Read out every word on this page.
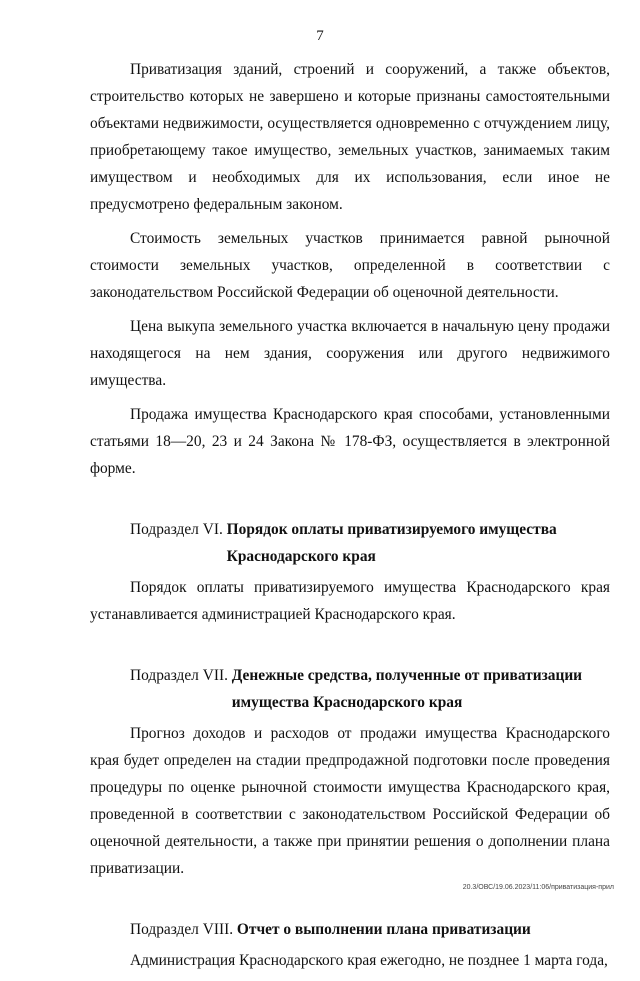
7

Приватизация зданий, строений и сооружений, а также объектов, строительство которых не завершено и которые признаны самостоятельными объектами недвижимости, осуществляется одновременно с отчуждением лицу, приобретающему такое имущество, земельных участков, занимаемых таким имуществом и необходимых для их использования, если иное не предусмотрено федеральным законом.

Стоимость земельных участков принимается равной рыночной стоимости земельных участков, определенной в соответствии с законодательством Российской Федерации об оценочной деятельности.

Цена выкупа земельного участка включается в начальную цену продажи находящегося на нем здания, сооружения или другого недвижимого имущества.

Продажа имущества Краснодарского края способами, установленными статьями 18—20, 23 и 24 Закона № 178-ФЗ, осуществляется в электронной форме.

Подраздел VI. Порядок оплаты приватизируемого имущества Краснодарского края

Порядок оплаты приватизируемого имущества Краснодарского края устанавливается администрацией Краснодарского края.

Подраздел VII. Денежные средства, полученные от приватизации имущества Краснодарского края

Прогноз доходов и расходов от продажи имущества Краснодарского края будет определен на стадии предпродажной подготовки после проведения процедуры по оценке рыночной стоимости имущества Краснодарского края, проведенной в соответствии с законодательством Российской Федерации об оценочной деятельности, а также при принятии решения о дополнении плана приватизации.

Подраздел VIII. Отчет о выполнении плана приватизации

Администрация Краснодарского края ежегодно, не позднее 1 марта года,

20.3/ОВС/19.06.2023/11:06/приватизация-прил
